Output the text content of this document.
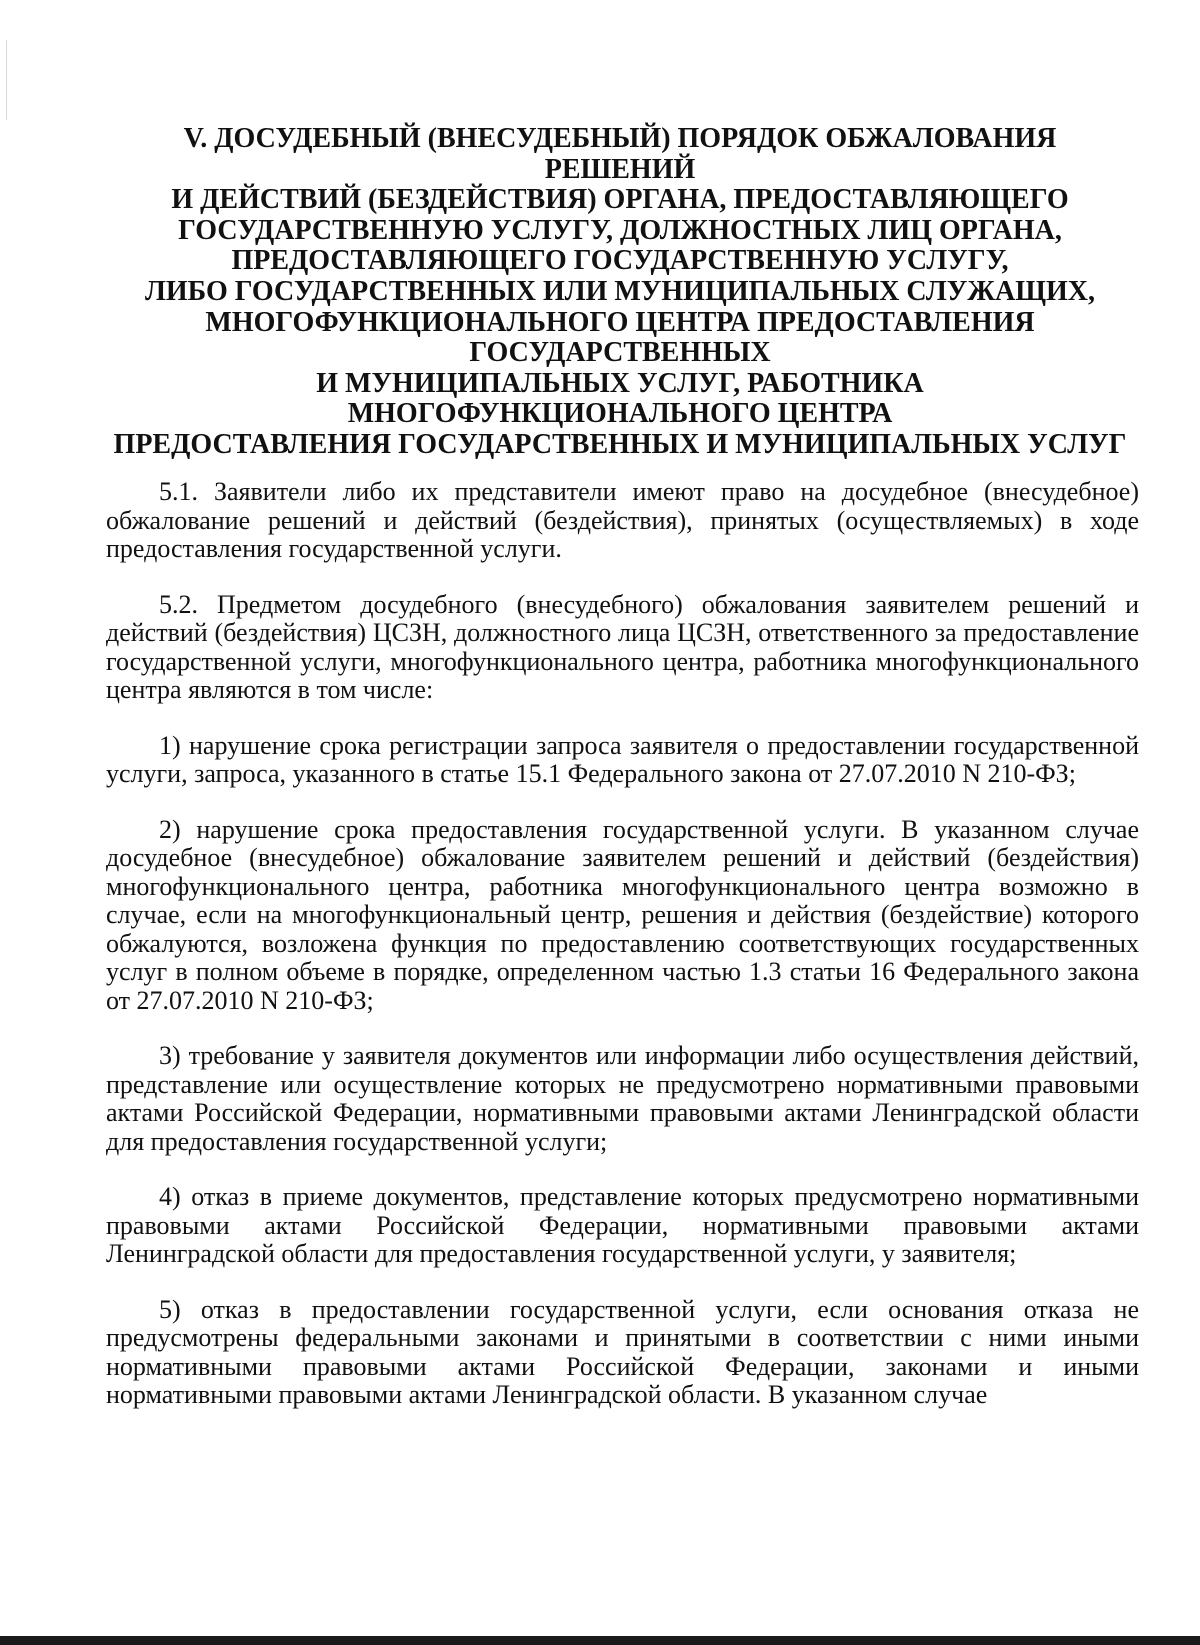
V. ДОСУДЕБНЫЙ (ВНЕСУДЕБНЫЙ) ПОРЯДОК ОБЖАЛОВАНИЯ
РЕШЕНИЙ
И ДЕЙСТВИЙ (БЕЗДЕЙСТВИЯ) ОРГАНА, ПРЕДОСТАВЛЯЮЩЕГО
ГОСУДАРСТВЕННУЮ УСЛУГУ, ДОЛЖНОСТНЫХ ЛИЦ ОРГАНА,
ПРЕДОСТАВЛЯЮЩЕГО ГОСУДАРСТВЕННУЮ УСЛУГУ,
ЛИБО ГОСУДАРСТВЕННЫХ ИЛИ МУНИЦИПАЛЬНЫХ СЛУЖАЩИХ,
МНОГОФУНКЦИОНАЛЬНОГО ЦЕНТРА ПРЕДОСТАВЛЕНИЯ
ГОСУДАРСТВЕННЫХ
И МУНИЦИПАЛЬНЫХ УСЛУГ, РАБОТНИКА
МНОГОФУНКЦИОНАЛЬНОГО ЦЕНТРА
ПРЕДОСТАВЛЕНИЯ ГОСУДАРСТВЕННЫХ И МУНИЦИПАЛЬНЫХ УСЛУГ

5.1. Заявители либо их представители имеют право на досудебное (внесудебное) обжалование решений и действий (бездействия), принятых (осуществляемых) в ходе предоставления государственной услуги.

5.2. Предметом досудебного (внесудебного) обжалования заявителем решений и действий (бездействия) ЦСЗН, должностного лица ЦСЗН, ответственного за предоставление государственной услуги, многофункционального центра, работника многофункционального центра являются в том числе:

1) нарушение срока регистрации запроса заявителя о предоставлении государственной услуги, запроса, указанного в статье 15.1 Федерального закона от 27.07.2010 N 210-ФЗ;

2) нарушение срока предоставления государственной услуги. В указанном случае досудебное (внесудебное) обжалование заявителем решений и действий (бездействия) многофункционального центра, работника многофункционального центра возможно в случае, если на многофункциональный центр, решения и действия (бездействие) которого обжалуются, возложена функция по предоставлению соответствующих государственных услуг в полном объеме в порядке, определенном частью 1.3 статьи 16 Федерального закона от 27.07.2010 N 210-ФЗ;

3) требование у заявителя документов или информации либо осуществления действий, представление или осуществление которых не предусмотрено нормативными правовыми актами Российской Федерации, нормативными правовыми актами Ленинградской области для предоставления государственной услуги;

4) отказ в приеме документов, представление которых предусмотрено нормативными правовыми актами Российской Федерации, нормативными правовыми актами Ленинградской области для предоставления государственной услуги, у заявителя;

5) отказ в предоставлении государственной услуги, если основания отказа не предусмотрены федеральными законами и принятыми в соответствии с ними иными нормативными правовыми актами Российской Федерации, законами и иными нормативными правовыми актами Ленинградской области. В указанном случае
